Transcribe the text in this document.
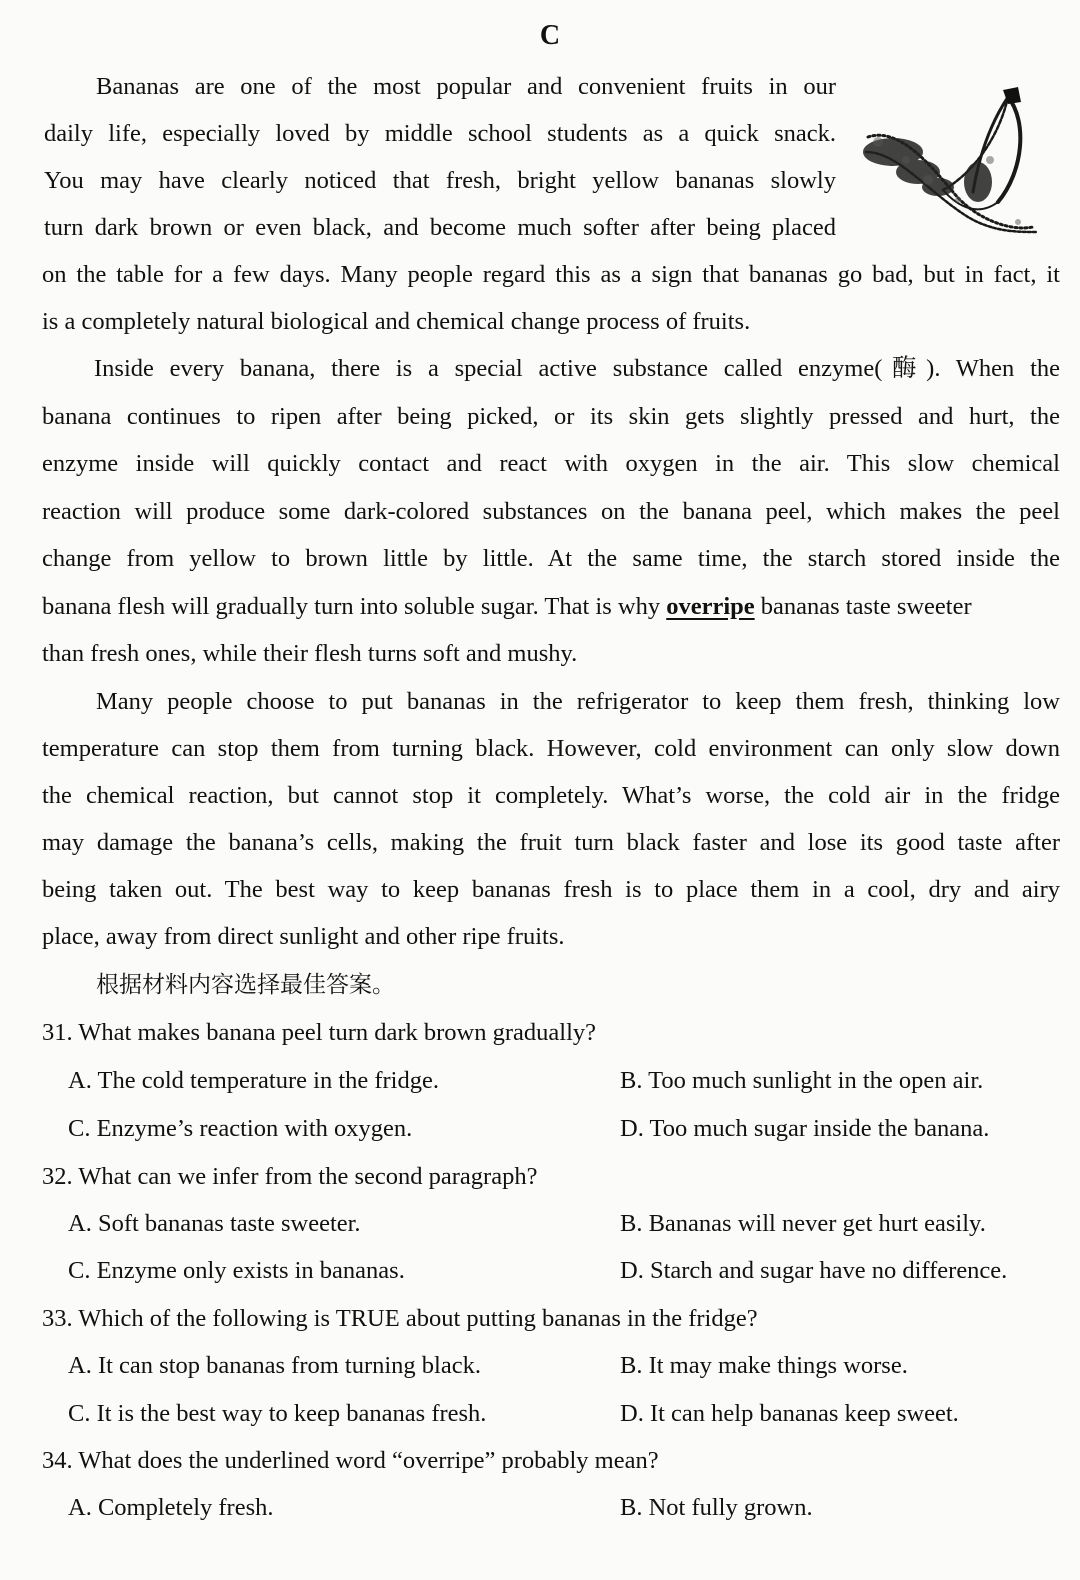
C
Bananas are one of the most popular and convenient fruits in our
daily life, especially loved by middle school students as a quick snack.
You may have clearly noticed that fresh, bright yellow bananas slowly
turn dark brown or even black, and become much softer after being placed
on the table for a few days. Many people regard this as a sign that bananas go bad, but in fact, it
is a completely natural biological and chemical change process of fruits.
Inside every banana, there is a special active substance called enzyme(酶). When the
banana continues to ripen after being picked, or its skin gets slightly pressed and hurt, the
enzyme inside will quickly contact and react with oxygen in the air. This slow chemical
reaction will produce some dark-colored substances on the banana peel, which makes the peel
change from yellow to brown little by little. At the same time, the starch stored inside the
banana flesh will gradually turn into soluble sugar. That is why overripe bananas taste sweeter
than fresh ones, while their flesh turns soft and mushy.
Many people choose to put bananas in the refrigerator to keep them fresh, thinking low
temperature can stop them from turning black. However, cold environment can only slow down
the chemical reaction, but cannot stop it completely. What’s worse, the cold air in the fridge
may damage the banana’s cells, making the fruit turn black faster and lose its good taste after
being taken out. The best way to keep bananas fresh is to place them in a cool, dry and airy
place, away from direct sunlight and other ripe fruits.
根据材料内容选择最佳答案。
31. What makes banana peel turn dark brown gradually?
A. The cold temperature in the fridge.	B. Too much sunlight in the open air.
C. Enzyme’s reaction with oxygen.	D. Too much sugar inside the banana.
32. What can we infer from the second paragraph?
A. Soft bananas taste sweeter.	B. Bananas will never get hurt easily.
C. Enzyme only exists in bananas.	D. Starch and sugar have no difference.
33. Which of the following is TRUE about putting bananas in the fridge?
A. It can stop bananas from turning black.	B. It may make things worse.
C. It is the best way to keep bananas fresh.	D. It can help bananas keep sweet.
34. What does the underlined word “overripe” probably mean?
A. Completely fresh.	B. Not fully grown.
